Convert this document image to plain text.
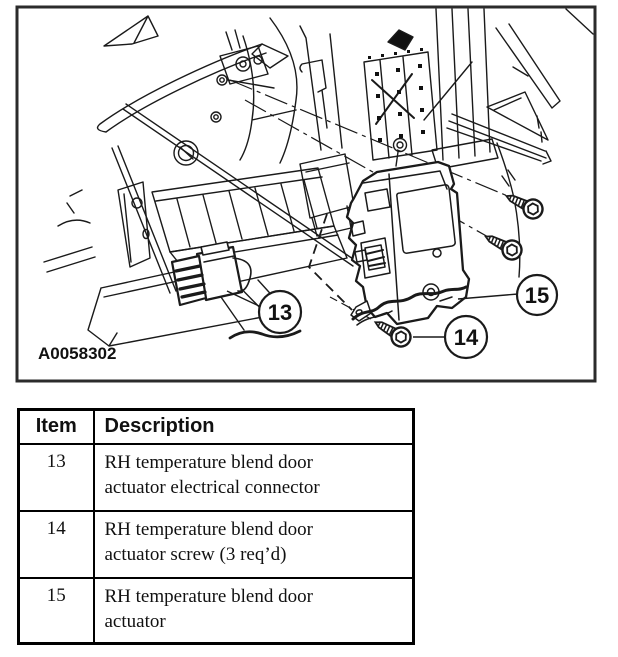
13
14
15
A0058302
Item	Description
13	RH temperature blend door actuator electrical connector

14	RH temperature blend door actuator screw (3 req’d)

15	RH temperature blend door actuator
